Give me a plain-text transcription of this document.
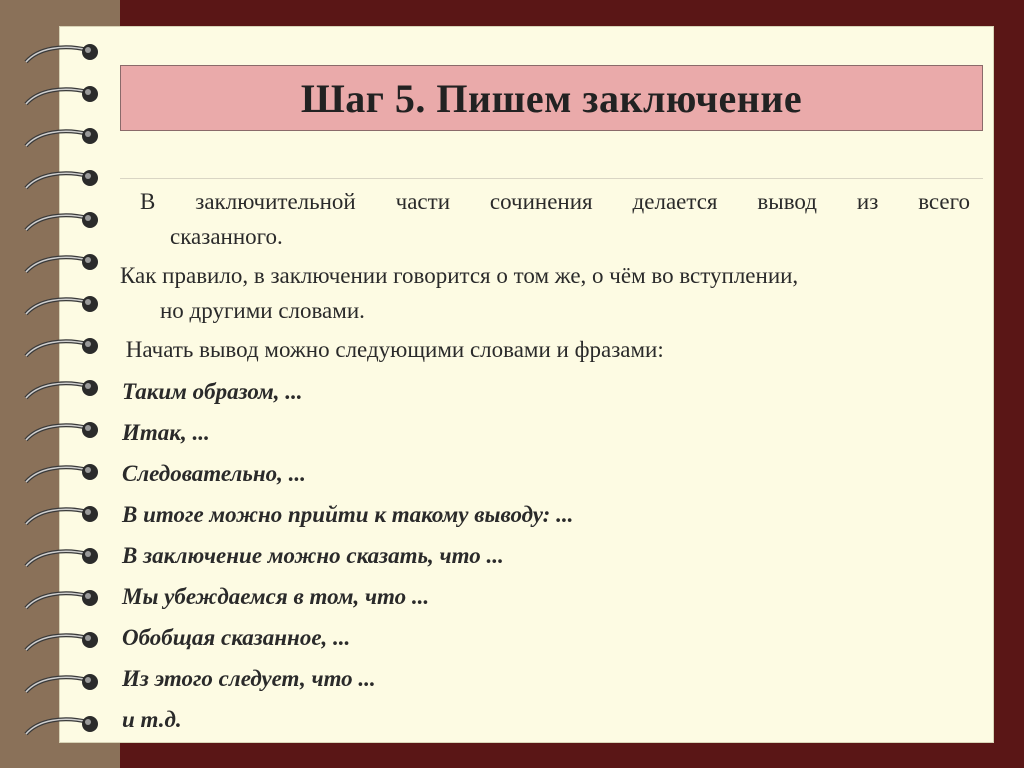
Шаг 5. Пишем заключение
В заключительной части сочинения делается вывод из всего
сказанного.
Как правило, в заключении говорится о том же, о чём во вступлении,
но другими словами.
Начать вывод можно следующими словами и фразами:
Таким образом, ...
Итак, ...
Следовательно, ...
В итоге можно прийти к такому выводу: ...
В заключение можно сказать, что ...
Мы убеждаемся в том, что ...
Обобщая сказанное, ...
Из этого следует, что ...
и т.д.
